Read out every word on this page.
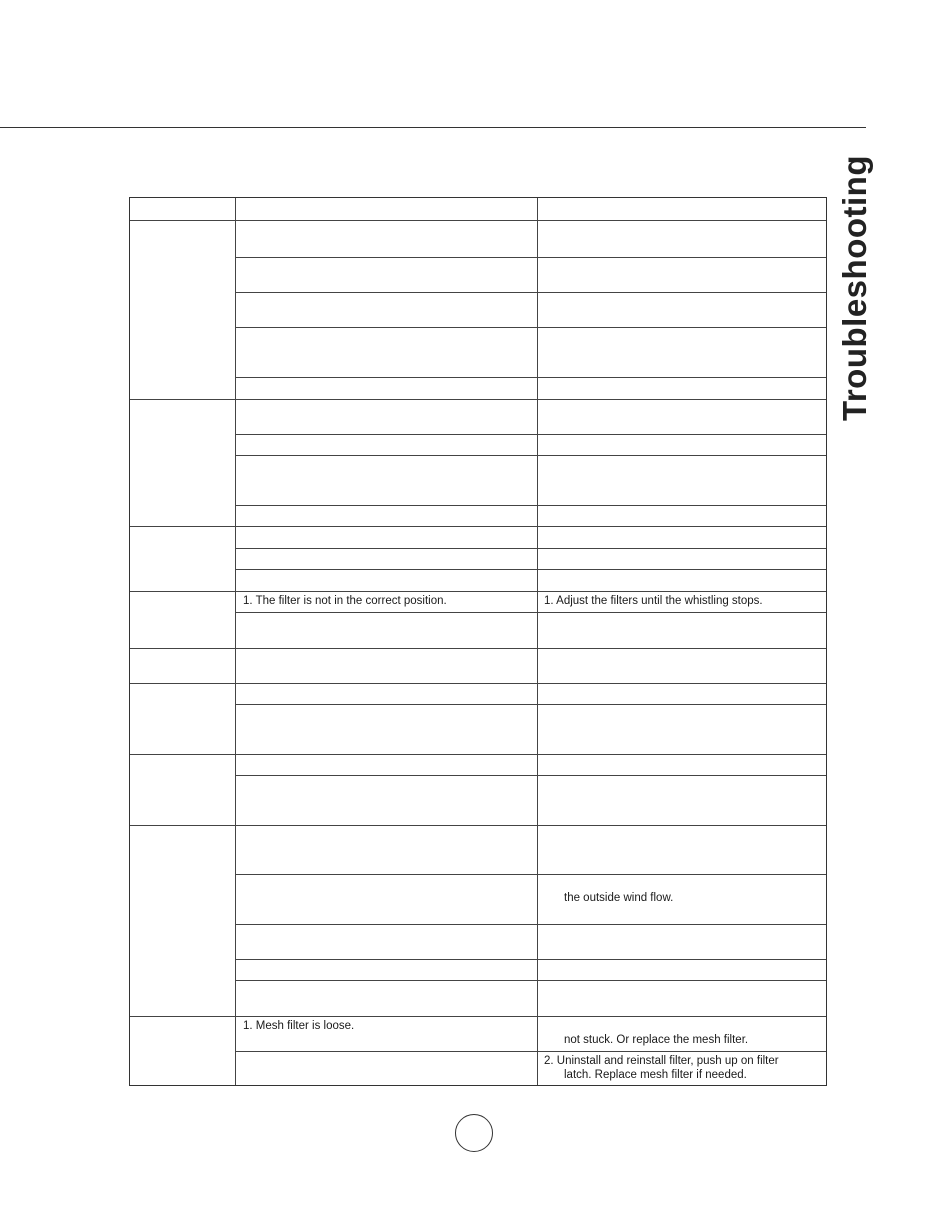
Troubleshooting
1. The filter is not in the correct position.	1. Adjust the filters until the whistling stops.
the outside wind flow.
1. Mesh filter is loose.
not stuck. Or replace the mesh filter.
2. Uninstall and reinstall filter, push up on filter
latch. Replace mesh filter if needed.
